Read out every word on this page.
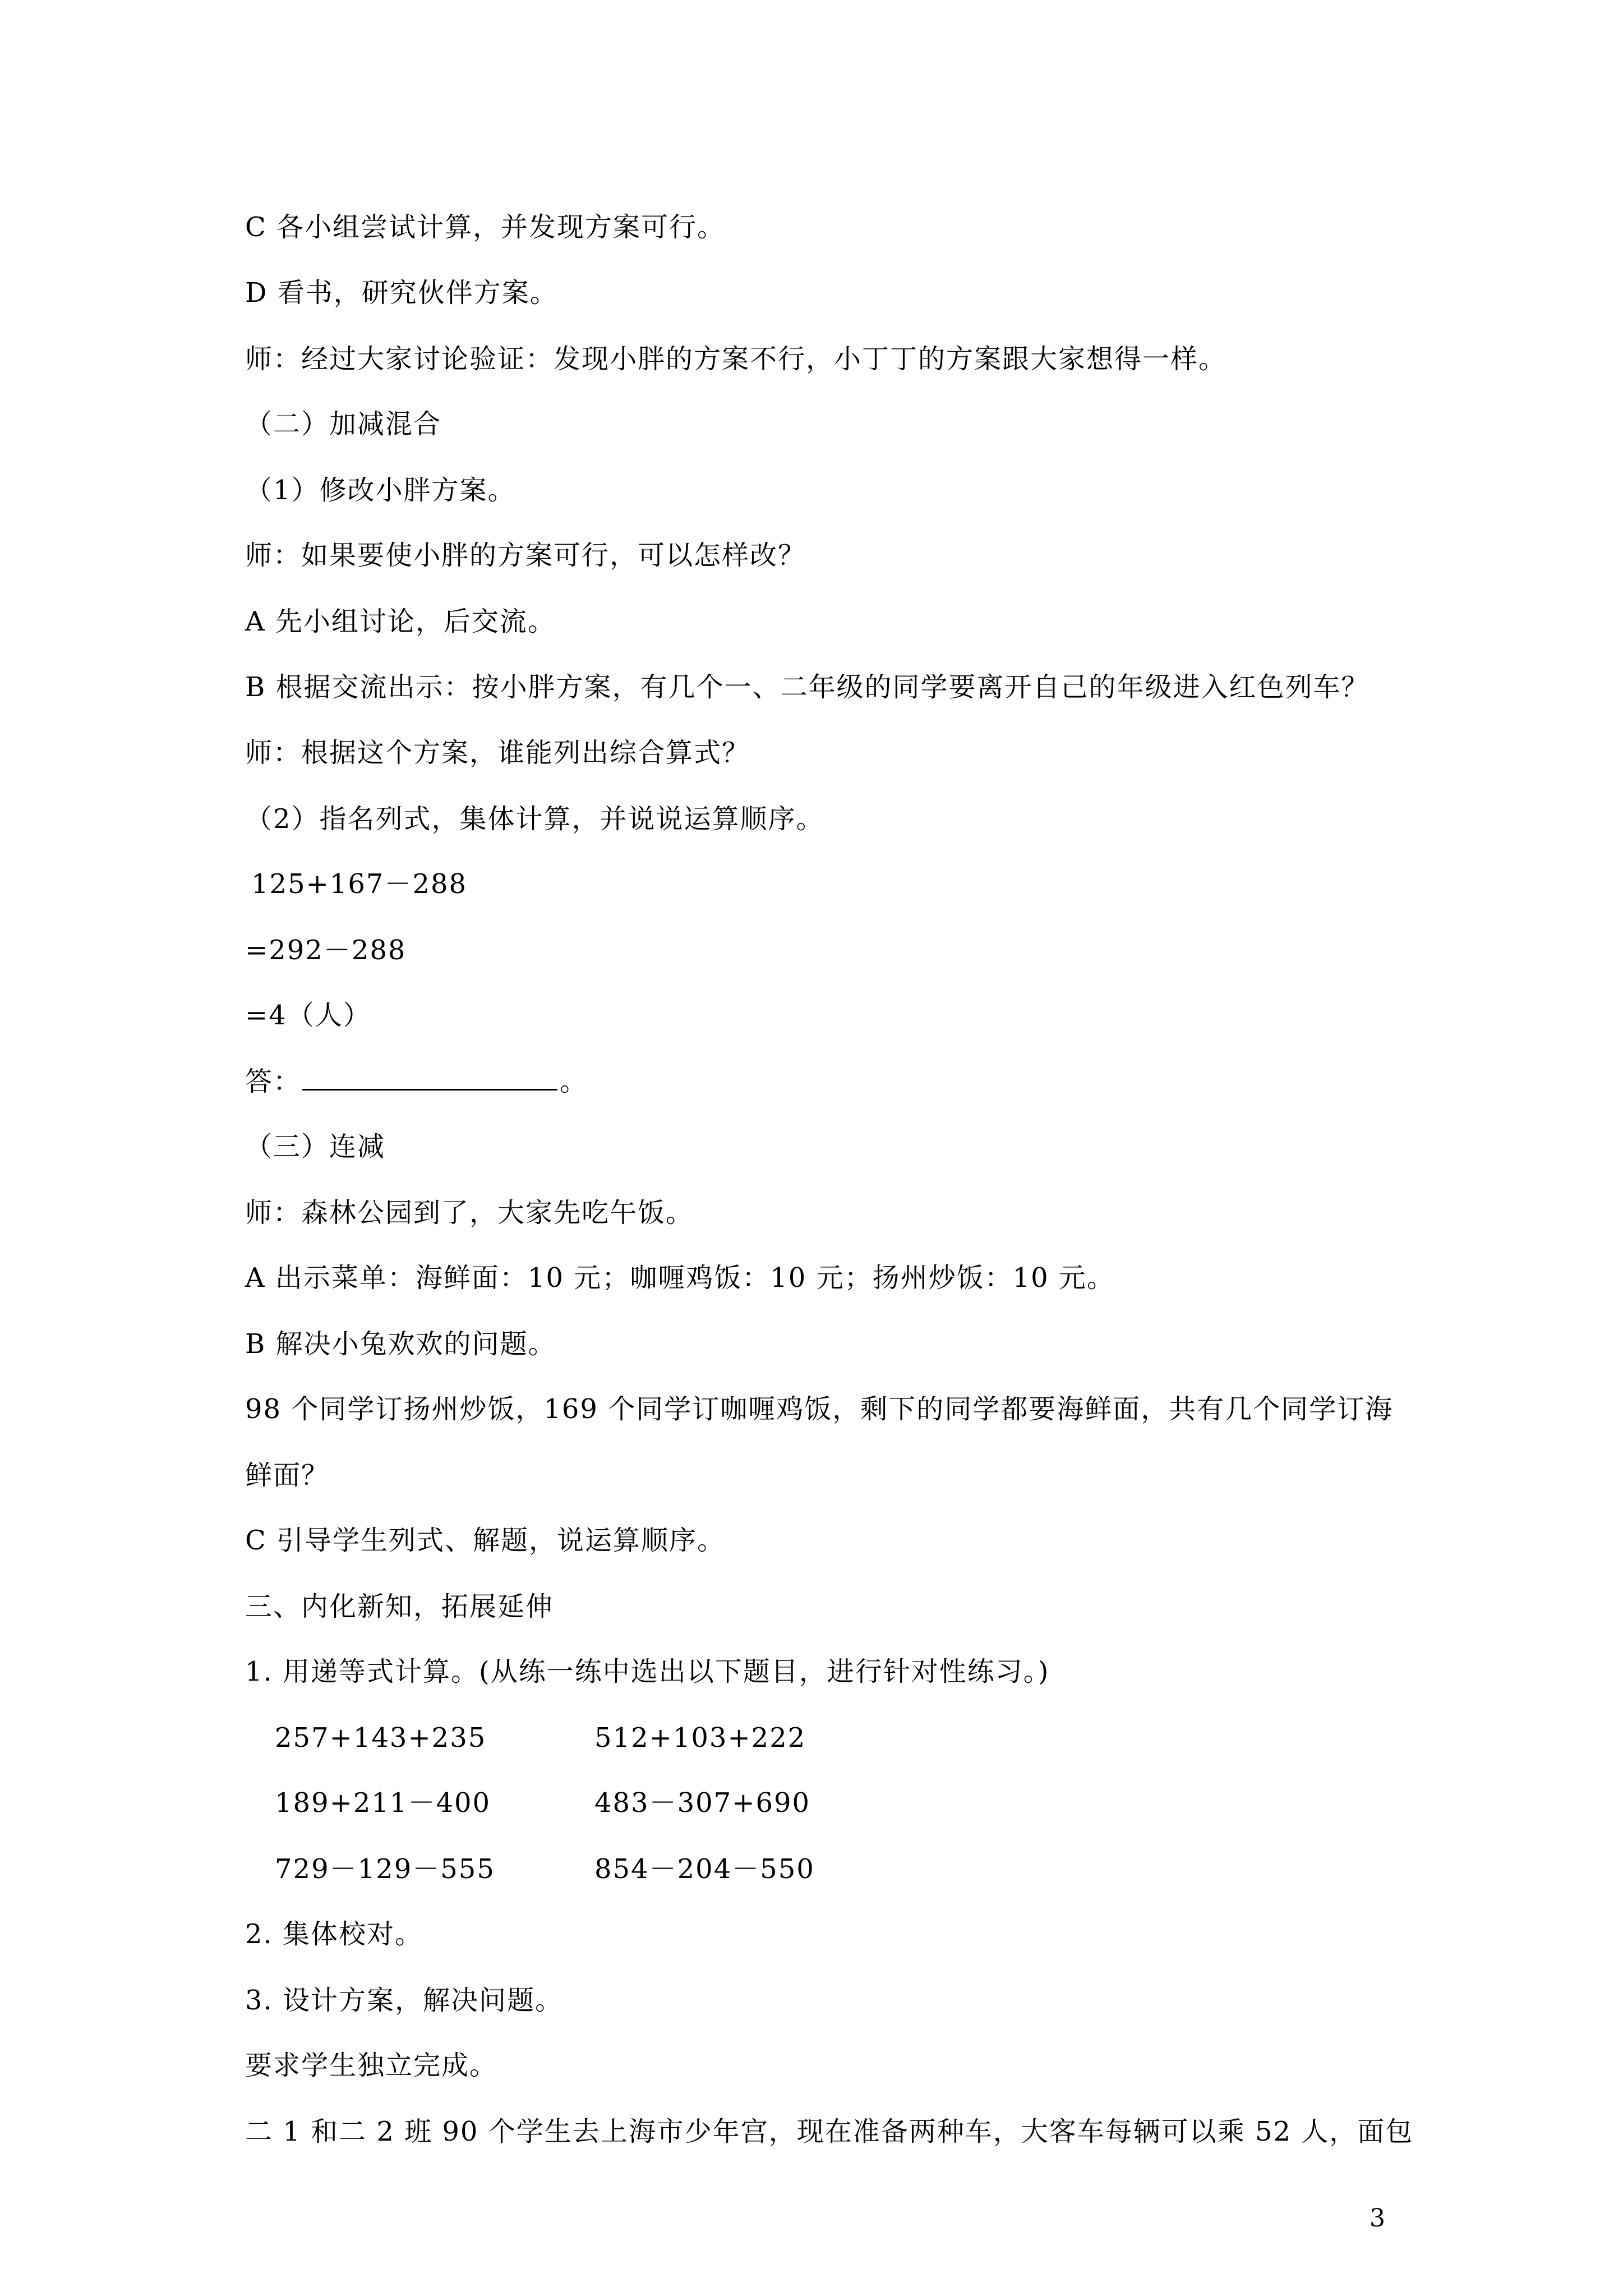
C 各小组尝试计算，并发现方案可行。
D 看书，研究伙伴方案。
师：经过大家讨论验证：发现小胖的方案不行，小丁丁的方案跟大家想得一样。
（二）加减混合
（1）修改小胖方案。
师：如果要使小胖的方案可行，可以怎样改？
A 先小组讨论，后交流。
B 根据交流出示：按小胖方案，有几个一、二年级的同学要离开自己的年级进入红色列车？
师：根据这个方案，谁能列出综合算式？
（2）指名列式，集体计算，并说说运算顺序。
125+167－288
=292－288
=4（人）
答：	。
（三）连减
师：森林公园到了，大家先吃午饭。
A 出示菜单：海鲜面：10 元；咖喱鸡饭：10 元；扬州炒饭：10 元。
B 解决小兔欢欢的问题。
98 个同学订扬州炒饭，169 个同学订咖喱鸡饭，剩下的同学都要海鲜面，共有几个同学订海
鲜面？
C 引导学生列式、解题，说运算顺序。
三、内化新知，拓展延伸
1. 用递等式计算。(从练一练中选出以下题目，进行针对性练习。)
257+143+235	512+103+222
189+211－400	483－307+690
729－129－555	854－204－550
2. 集体校对。
3. 设计方案，解决问题。
要求学生独立完成。
二 1 和二 2 班 90 个学生去上海市少年宫，现在准备两种车，大客车每辆可以乘 52 人，面包
3
